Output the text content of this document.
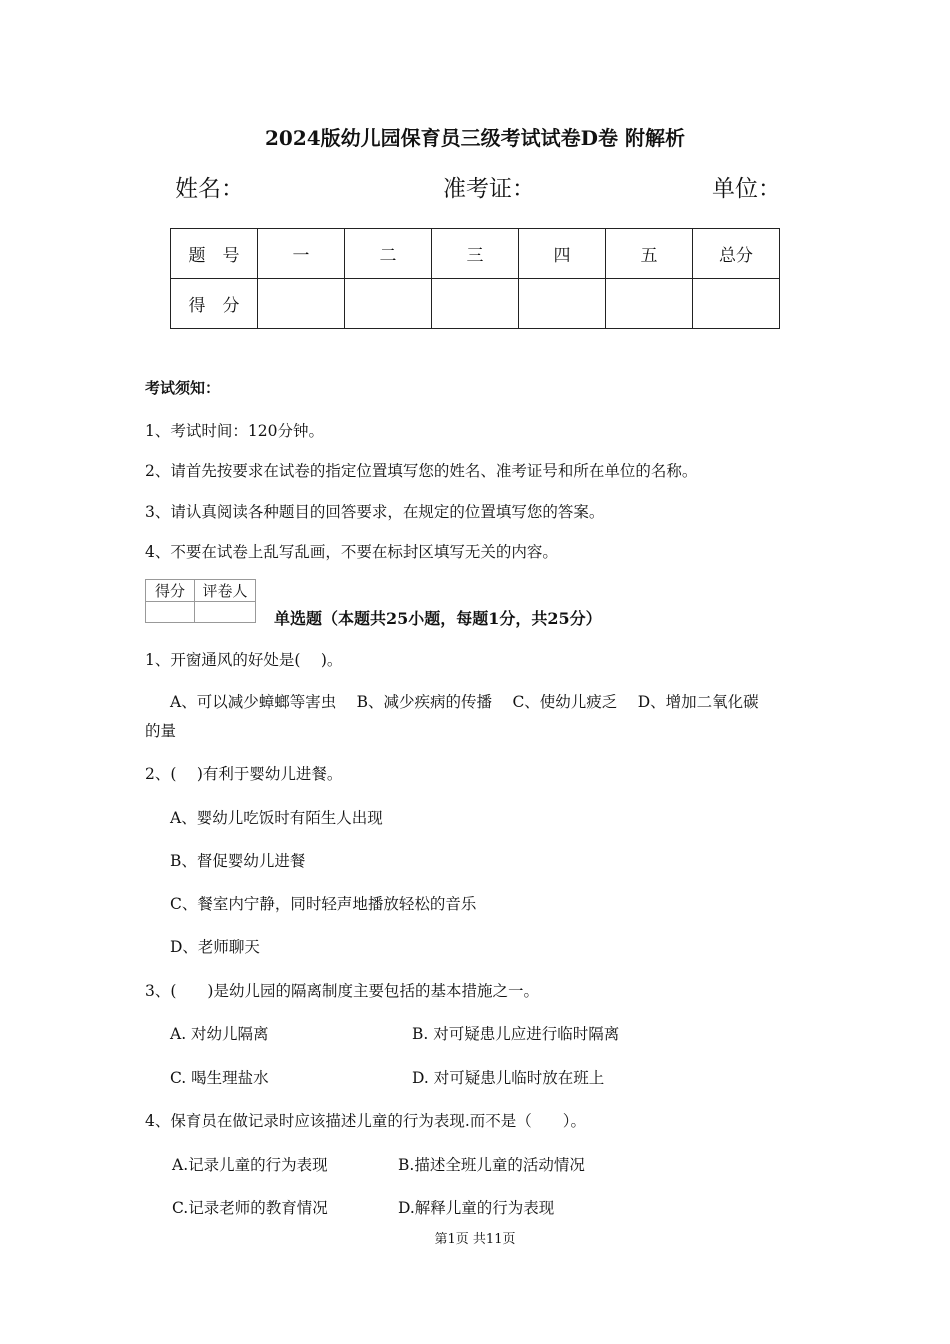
2024版幼儿园保育员三级考试试卷D卷 附解析
姓名：	准考证：	单位：
题　号	一	二	三	四	五	总分
得　分						
考试须知：
1、考试时间：120分钟。
2、请首先按要求在试卷的指定位置填写您的姓名、准考证号和所在单位的名称。
3、请认真阅读各种题目的回答要求，在规定的位置填写您的答案。
4、不要在试卷上乱写乱画，不要在标封区填写无关的内容。
得分	评卷人

单选题（本题共25小题，每题1分，共25分）
1、开窗通风的好处是(　 )。
A、可以减少蟑螂等害虫　 B、减少疾病的传播　 C、使幼儿疲乏　 D、增加二氧化碳
的量
2、(　 )有利于婴幼儿进餐。
A、婴幼儿吃饭时有陌生人出现
B、督促婴幼儿进餐
C、餐室内宁静，同时轻声地播放轻松的音乐
D、老师聊天
3、(　　)是幼儿园的隔离制度主要包括的基本措施之一。
A. 对幼儿隔离	B. 对可疑患儿应进行临时隔离
C. 喝生理盐水	D. 对可疑患儿临时放在班上
4、保育员在做记录时应该描述儿童的行为表现.而不是（　　）。
A.记录儿童的行为表现	B.描述全班儿童的活动情况
C.记录老师的教育情况	D.解释儿童的行为表现
第1页 共11页
